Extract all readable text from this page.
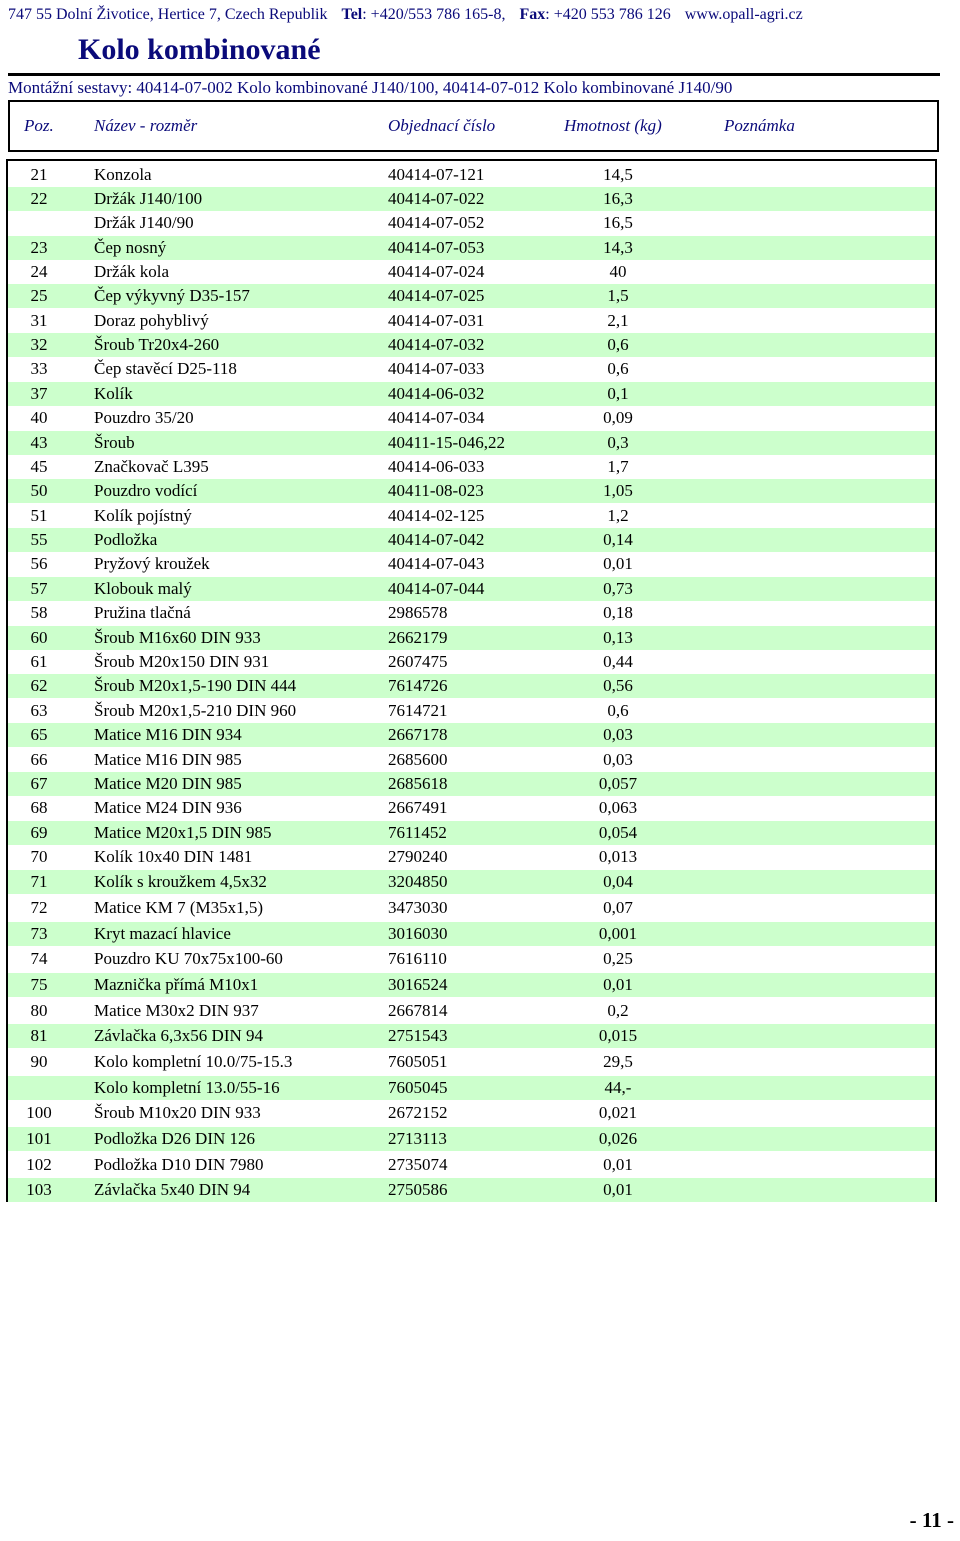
747 55 Dolní Životice, Hertice 7, Czech Republik Tel: +420/553 786 165-8, Fax: +420 553 786 126 www.opall-agri.cz
Kolo kombinované
Montážní sestavy: 40414-07-002 Kolo kombinované J140/100, 40414-07-012 Kolo kombinované J140/90
Poz. Název - rozměr	Objednací číslo	Hmotnost (kg)	Poznámka
21	Konzola	40414-07-121	14,5
22	Držák J140/100	40414-07-022	16,3
Držák J140/90	40414-07-052	16,5
23	Čep nosný	40414-07-053	14,3
24	Držák kola	40414-07-024	40
25	Čep výkyvný D35-157	40414-07-025	1,5
31	Doraz pohyblivý	40414-07-031	2,1
32	Šroub Tr20x4-260	40414-07-032	0,6
33	Čep stavěcí D25-118	40414-07-033	0,6
37	Kolík	40414-06-032	0,1
40	Pouzdro 35/20	40414-07-034	0,09
43	Šroub	40411-15-046,22	0,3
45	Značkovač L395	40414-06-033	1,7
50	Pouzdro vodící	40411-08-023	1,05
51	Kolík pojístný	40414-02-125	1,2
55	Podložka	40414-07-042	0,14
56	Pryžový kroužek	40414-07-043	0,01
57	Klobouk malý	40414-07-044	0,73
58	Pružina tlačná	2986578	0,18
60	Šroub M16x60 DIN 933	2662179	0,13
61	Šroub M20x150 DIN 931	2607475	0,44
62	Šroub M20x1,5-190 DIN 444	7614726	0,56
63	Šroub M20x1,5-210 DIN 960	7614721	0,6
65	Matice M16 DIN 934	2667178	0,03
66	Matice M16 DIN 985	2685600	0,03
67	Matice M20 DIN 985	2685618	0,057
68	Matice M24 DIN 936	2667491	0,063
69	Matice M20x1,5 DIN 985	7611452	0,054
70	Kolík 10x40 DIN 1481	2790240	0,013
71	Kolík s kroužkem 4,5x32	3204850	0,04
72	Matice KM 7 (M35x1,5)	3473030	0,07
73	Kryt mazací hlavice	3016030	0,001
74	Pouzdro KU 70x75x100-60	7616110	0,25
75	Maznička přímá M10x1	3016524	0,01
80	Matice M30x2 DIN 937	2667814	0,2
81	Závlačka 6,3x56 DIN 94	2751543	0,015
90	Kolo kompletní 10.0/75-15.3	7605051	29,5
Kolo kompletní 13.0/55-16	7605045	44,-
100	Šroub M10x20 DIN 933	2672152	0,021
101	Podložka D26 DIN 126	2713113	0,026
102	Podložka D10 DIN 7980	2735074	0,01
103	Závlačka 5x40 DIN 94	2750586	0,01
- 11 -
